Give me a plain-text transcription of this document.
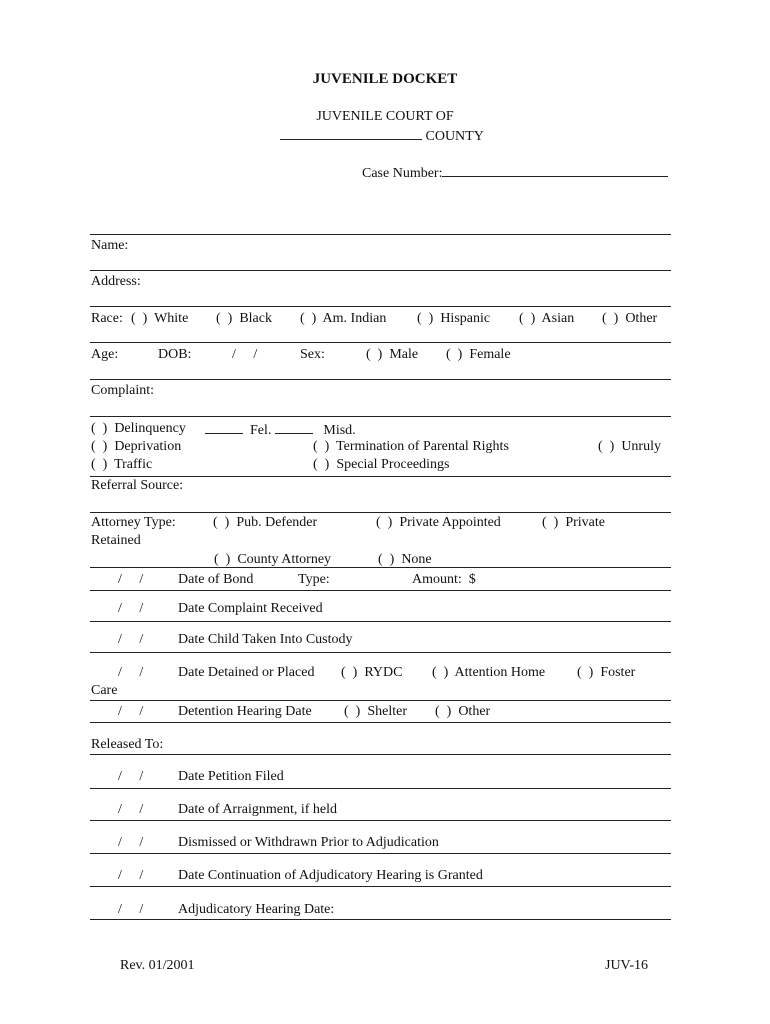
JUVENILE DOCKET
JUVENILE COURT OF
COUNTY
Case Number:
Name:
Address:
Race: (  )  White (  )  Black (  )  Am. Indian (  )  Hispanic (  )  Asian (  )  Other
Age:	DOB:	/     /	Sex:	(  )  Male (  )  Female
Complaint:
(  )  Delinquency	Fel.	Misd.
(  )  Deprivation	(  )  Termination of Parental Rights	(  )  Unruly
(  )  Traffic	(  )  Special Proceedings
Referral Source:
Attorney Type:	(  )  Pub. Defender	(  )  Private Appointed	(  )  Private
Retained
(  )  County Attorney	(  )  None
/     / Date of Bond	Type:	Amount:  $
/     / Date Complaint Received
/     / Date Child Taken Into Custody
/     / Date Detained or Placed (  )  RYDC (  )  Attention Home (  )  Foster
Care
/     / Detention Hearing Date (  )  Shelter (  )  Other
Released To:
/     / Date Petition Filed
/     / Date of Arraignment, if held
/     / Dismissed or Withdrawn Prior to Adjudication
/     / Date Continuation of Adjudicatory Hearing is Granted
/     / Adjudicatory Hearing Date:
Rev. 01/2001	JUV-16
